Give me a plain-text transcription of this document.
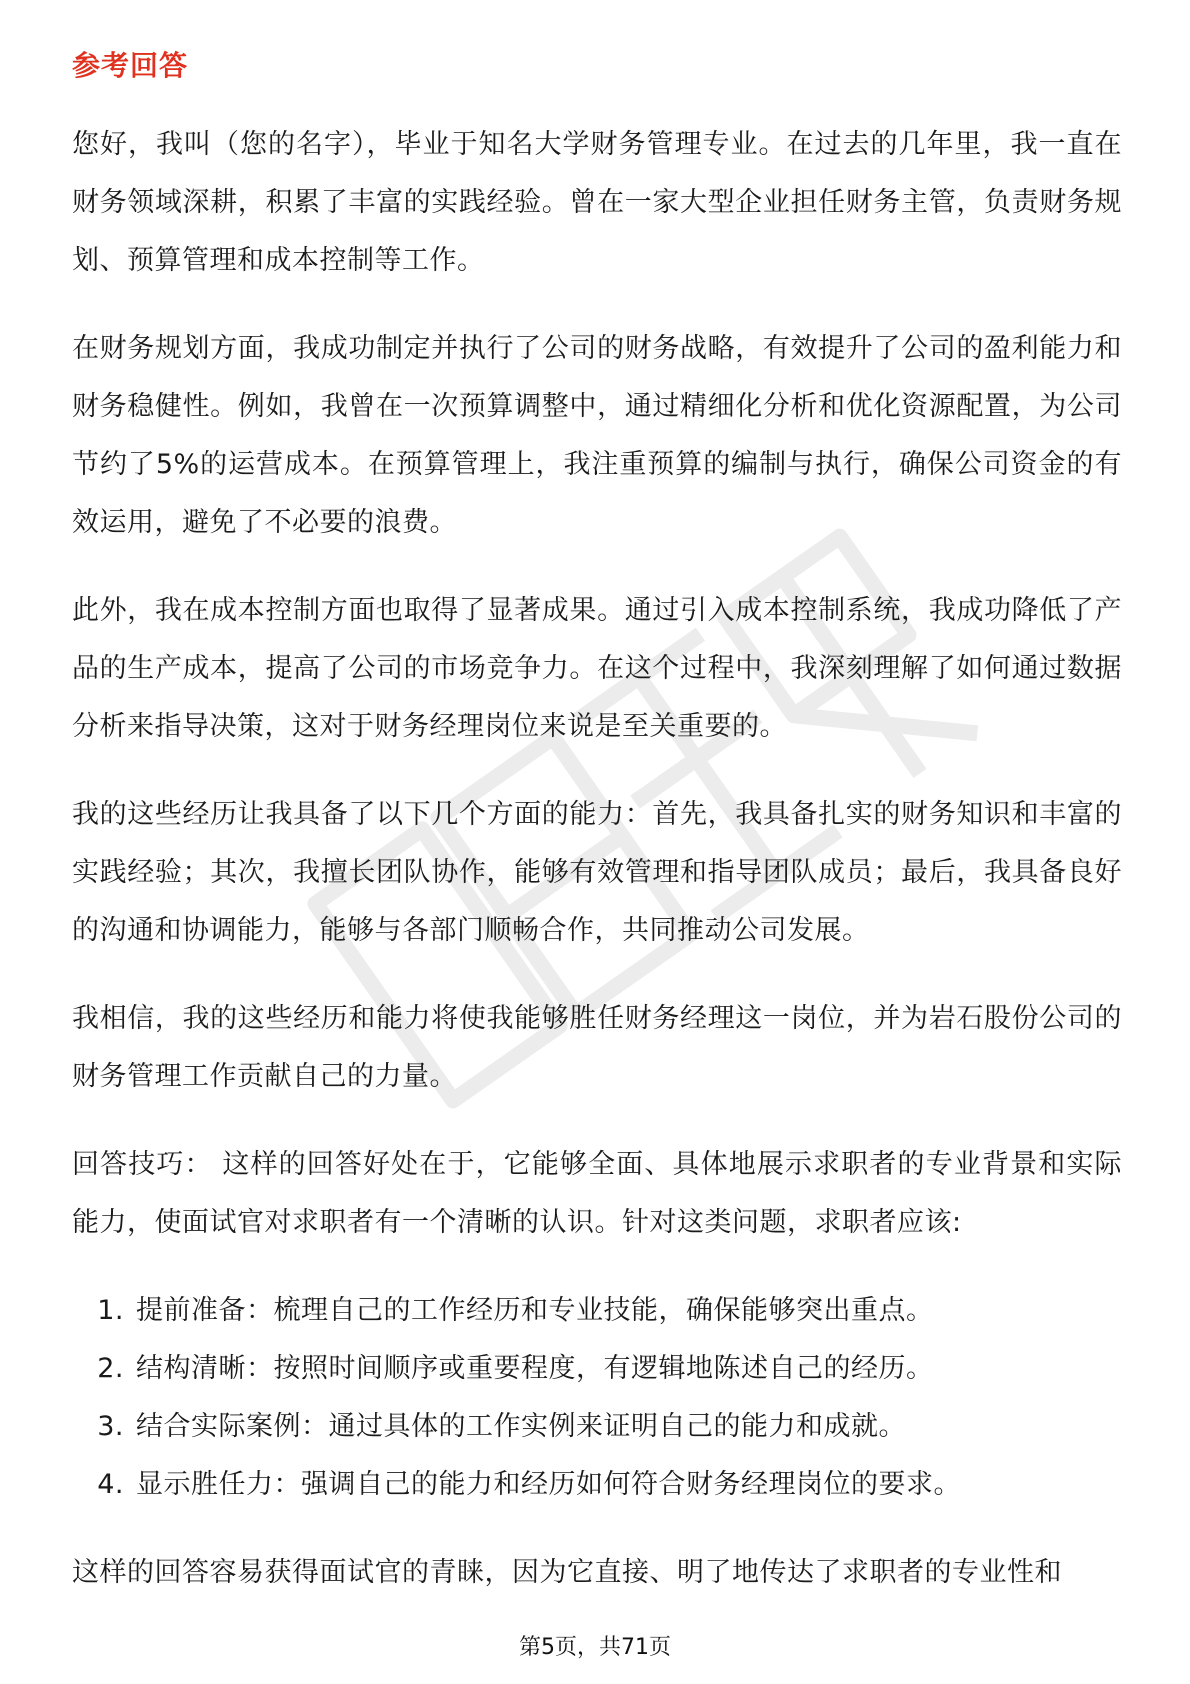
参考回答

您好，我叫（您的名字），毕业于知名大学财务管理专业。在过去的几年里，我一直在财务领域深耕，积累了丰富的实践经验。曾在一家大型企业担任财务主管，负责财务规划、预算管理和成本控制等工作。

在财务规划方面，我成功制定并执行了公司的财务战略，有效提升了公司的盈利能力和财务稳健性。例如，我曾在一次预算调整中，通过精细化分析和优化资源配置，为公司节约了5%的运营成本。在预算管理上，我注重预算的编制与执行，确保公司资金的有效运用，避免了不必要的浪费。

此外，我在成本控制方面也取得了显著成果。通过引入成本控制系统，我成功降低了产品的生产成本，提高了公司的市场竞争力。在这个过程中，我深刻理解了如何通过数据分析来指导决策，这对于财务经理岗位来说是至关重要的。

我的这些经历让我具备了以下几个方面的能力：首先，我具备扎实的财务知识和丰富的实践经验；其次，我擅长团队协作，能够有效管理和指导团队成员；最后，我具备良好的沟通和协调能力，能够与各部门顺畅合作，共同推动公司发展。

我相信，我的这些经历和能力将使我能够胜任财务经理这一岗位，并为岩石股份公司的财务管理工作贡献自己的力量。

回答技巧： 这样的回答好处在于，它能够全面、具体地展示求职者的专业背景和实际能力，使面试官对求职者有一个清晰的认识。针对这类问题，求职者应该:

1. 提前准备：梳理自己的工作经历和专业技能，确保能够突出重点。
2. 结构清晰：按照时间顺序或重要程度，有逻辑地陈述自己的经历。
3. 结合实际案例：通过具体的工作实例来证明自己的能力和成就。
4. 显示胜任力：强调自己的能力和经历如何符合财务经理岗位的要求。

这样的回答容易获得面试官的青睐，因为它直接、明了地传达了求职者的专业性和

第5页，共71页
